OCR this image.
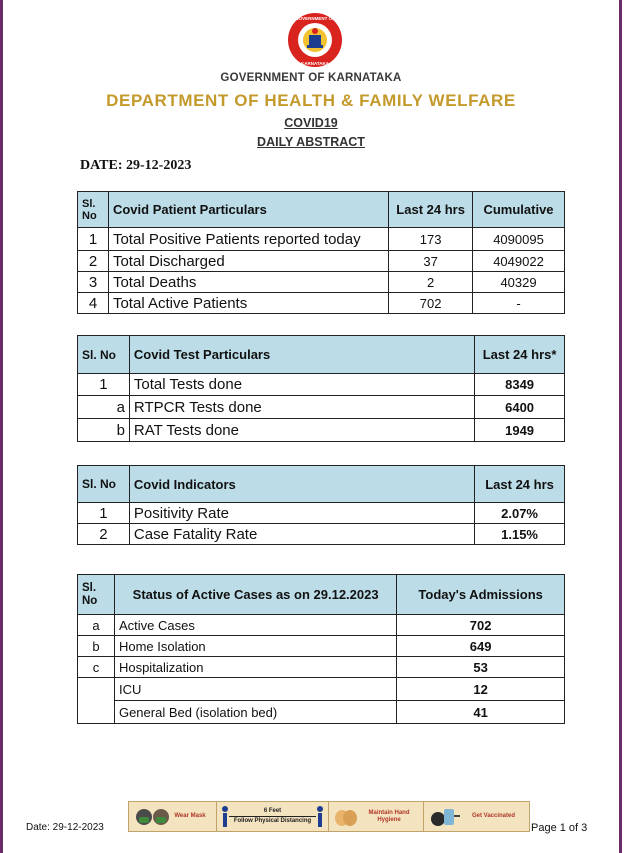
GOVERNMENT OF
KARNATAKA
GOVERNMENT OF KARNATAKA
DEPARTMENT OF HEALTH & FAMILY WELFARE
COVID19
DAILY ABSTRACT
DATE: 29-12-2023
Sl. No	Covid Patient Particulars	Last 24 hrs	Cumulative
1	Total Positive Patients reported today	173	4090095
2	Total Discharged	37	4049022
3	Total Deaths	2	40329
4	Total Active Patients	702	-
Sl. No	Covid Test Particulars	Last 24 hrs*
1	Total Tests done	8349
a	RTPCR Tests done	6400
b	RAT Tests done	1949
Sl. No	Covid Indicators	Last 24 hrs
1	Positivity Rate	2.07%
2	Case Fatality Rate	1.15%
Sl. No	Status of Active Cases as on 29.12.2023	Today's Admissions
a	Active Cases	702
b	Home Isolation	649
c	Hospitalization	53
	ICU	12
	General Bed (isolation bed)	41
Date: 29-12-2023
Wear Mask
6 Feet
Follow Physical Distancing
Maintain Hand Hygiene
Get Vaccinated
Page 1 of 3
